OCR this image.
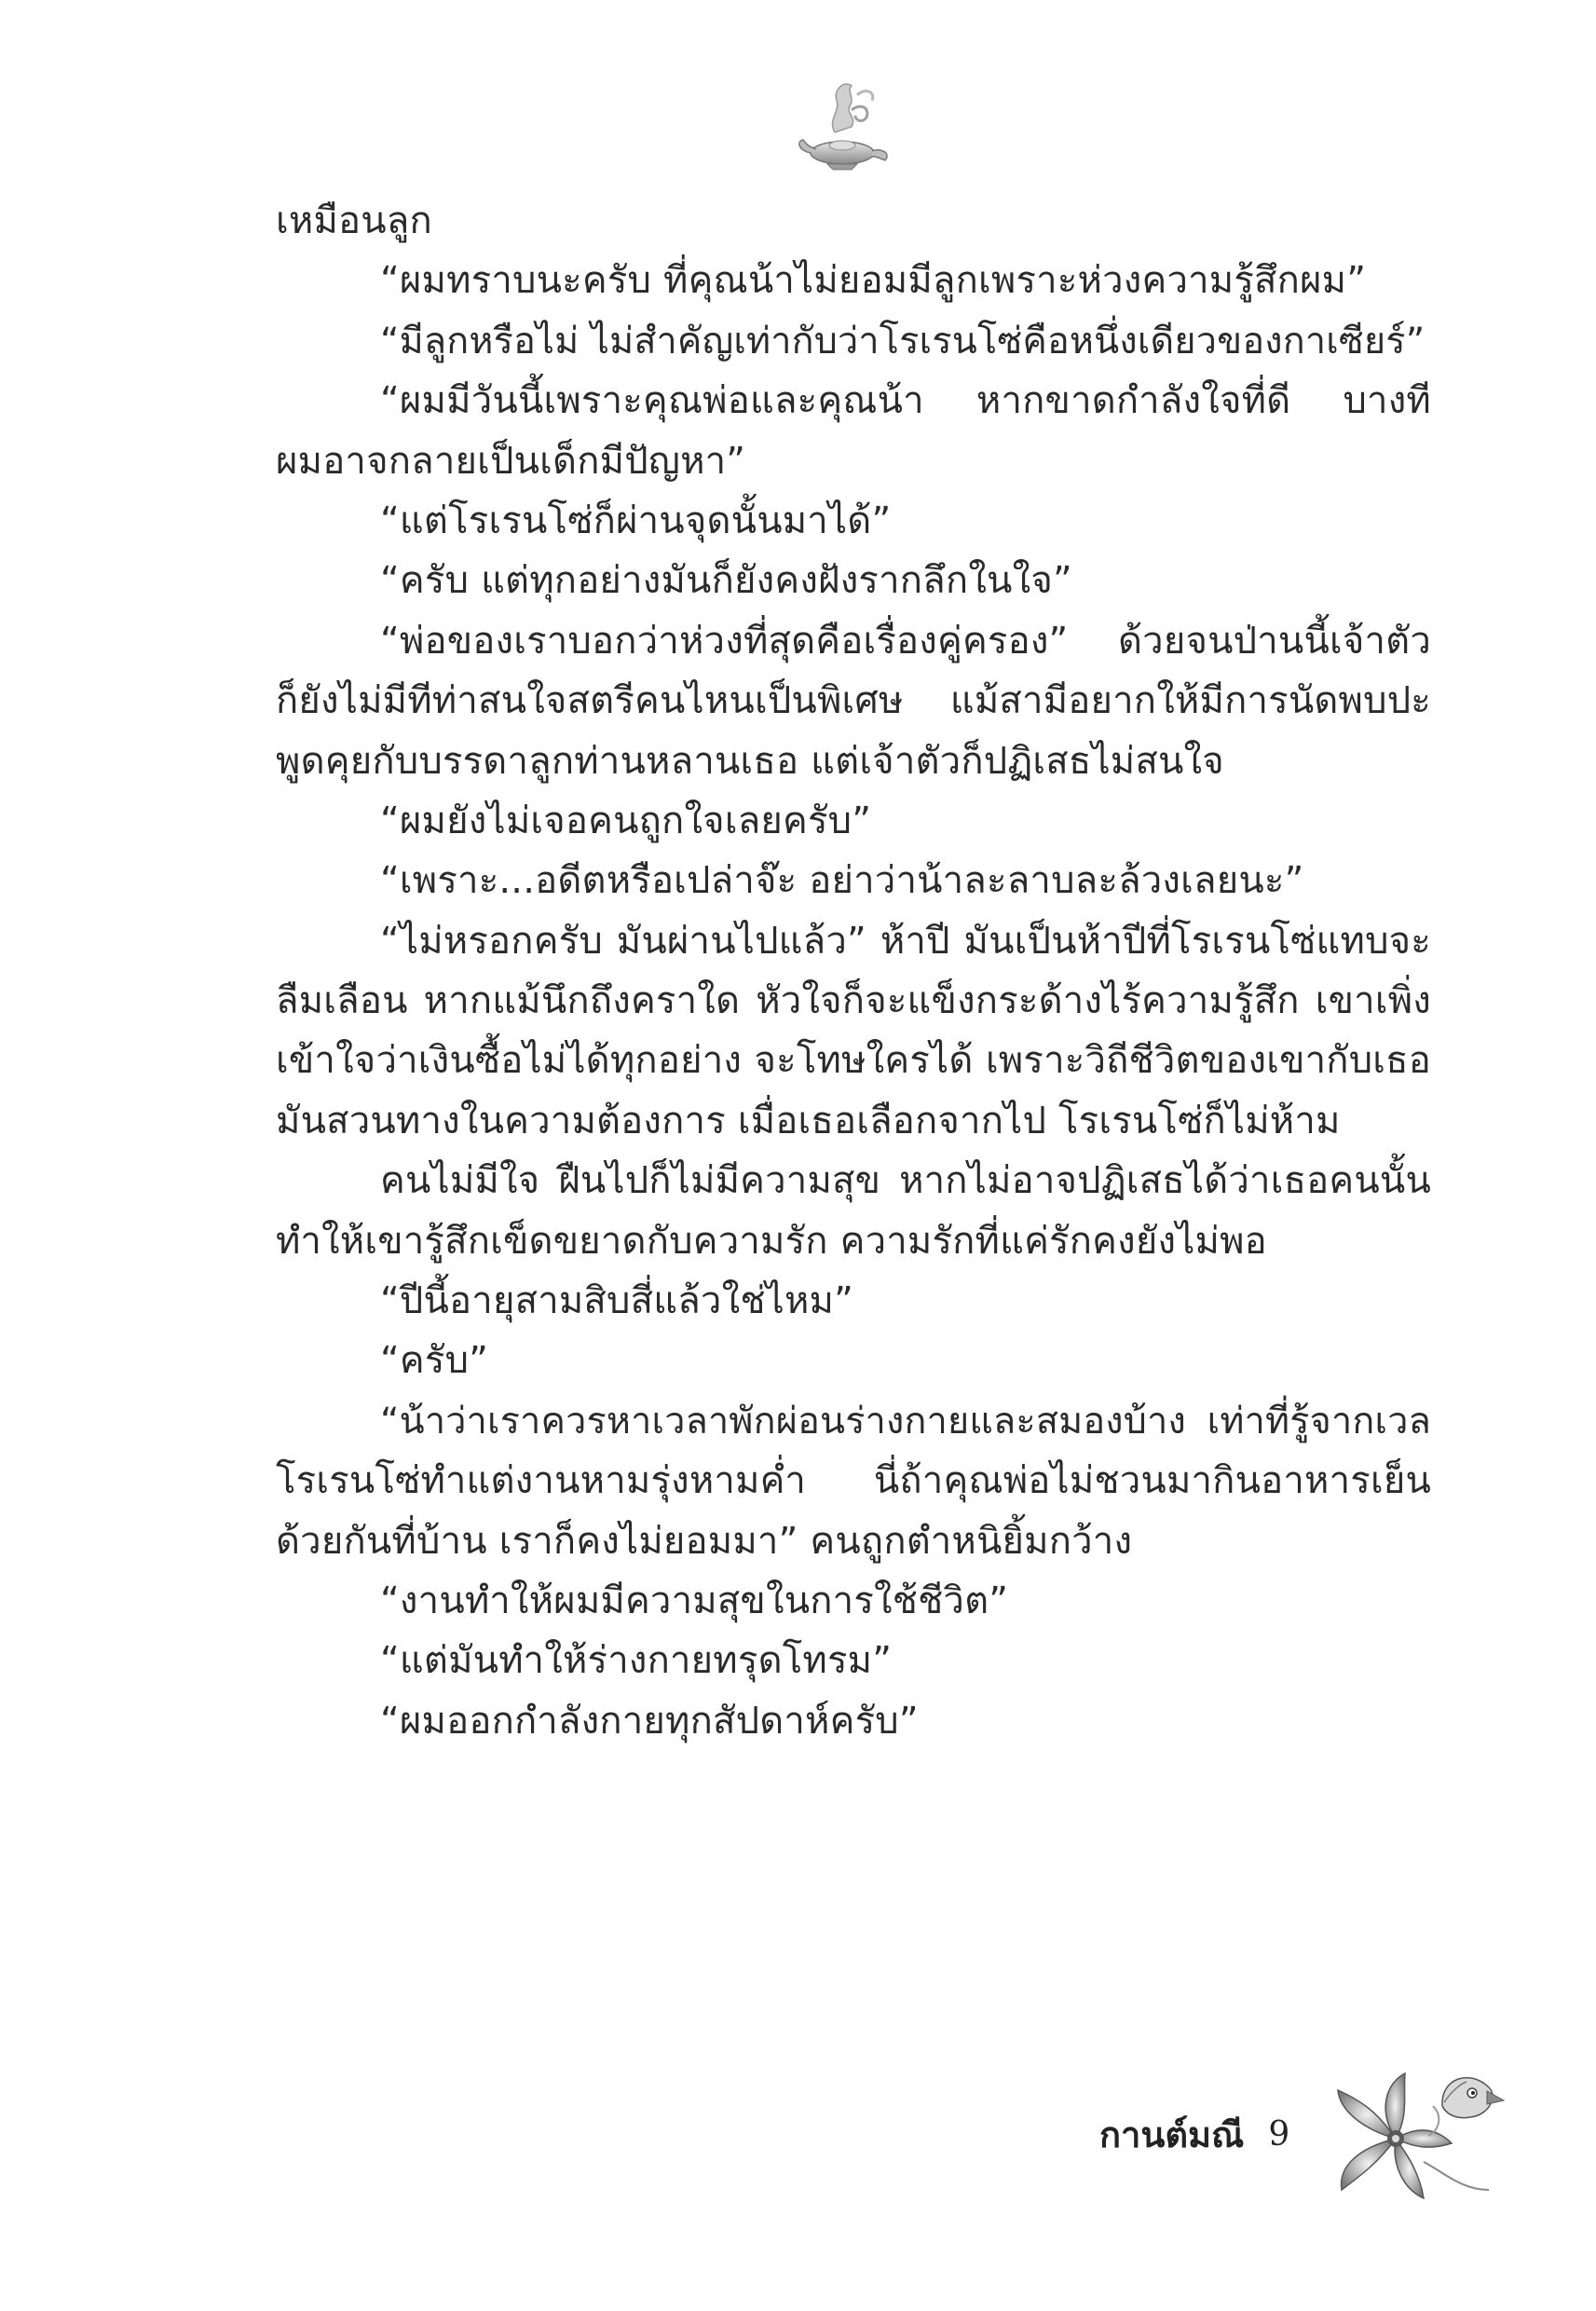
เหมือนลูก
“ผมทราบนะครับ ที่คุณน้าไม่ยอมมีลูกเพราะห่วงความรู้สึกผม”
“มีลูกหรือไม่ ไม่สำคัญเท่ากับว่าโรเรนโซ่คือหนึ่งเดียวของกาเซียร์”
“ผมมีวันนี้เพราะคุณพ่อและคุณน้า หากขาดกำลังใจที่ดี บางที
ผมอาจกลายเป็นเด็กมีปัญหา”
“แต่โรเรนโซ่ก็ผ่านจุดนั้นมาได้”
“ครับ แต่ทุกอย่างมันก็ยังคงฝังรากลึกในใจ”
“พ่อของเราบอกว่าห่วงที่สุดคือเรื่องคู่ครอง” ด้วยจนป่านนี้เจ้าตัว
ก็ยังไม่มีทีท่าสนใจสตรีคนไหนเป็นพิเศษ แม้สามีอยากให้มีการนัดพบปะ
พูดคุยกับบรรดาลูกท่านหลานเธอ แต่เจ้าตัวก็ปฏิเสธไม่สนใจ
“ผมยังไม่เจอคนถูกใจเลยครับ”
“เพราะ...อดีตหรือเปล่าจ๊ะ อย่าว่าน้าละลาบละล้วงเลยนะ”
“ไม่หรอกครับ มันผ่านไปแล้ว” ห้าปี มันเป็นห้าปีที่โรเรนโซ่แทบจะ
ลืมเลือน หากแม้นึกถึงคราใด หัวใจก็จะแข็งกระด้างไร้ความรู้สึก เขาเพิ่ง
เข้าใจว่าเงินซื้อไม่ได้ทุกอย่าง จะโทษใครได้ เพราะวิถีชีวิตของเขากับเธอ
มันสวนทางในความต้องการ เมื่อเธอเลือกจากไป โรเรนโซ่ก็ไม่ห้าม
คนไม่มีใจ ฝืนไปก็ไม่มีความสุข หากไม่อาจปฏิเสธได้ว่าเธอคนนั้น
ทำให้เขารู้สึกเข็ดขยาดกับความรัก ความรักที่แค่รักคงยังไม่พอ
“ปีนี้อายุสามสิบสี่แล้วใช่ไหม”
“ครับ”
“น้าว่าเราควรหาเวลาพักผ่อนร่างกายและสมองบ้าง เท่าที่รู้จากเวล
โรเรนโซ่ทำแต่งานหามรุ่งหามค่ำ นี่ถ้าคุณพ่อไม่ชวนมากินอาหารเย็น
ด้วยกันที่บ้าน เราก็คงไม่ยอมมา” คนถูกตำหนิยิ้มกว้าง
“งานทำให้ผมมีความสุขในการใช้ชีวิต”
“แต่มันทำให้ร่างกายทรุดโทรม”
“ผมออกกำลังกายทุกสัปดาห์ครับ”
กานต์มณี 9
